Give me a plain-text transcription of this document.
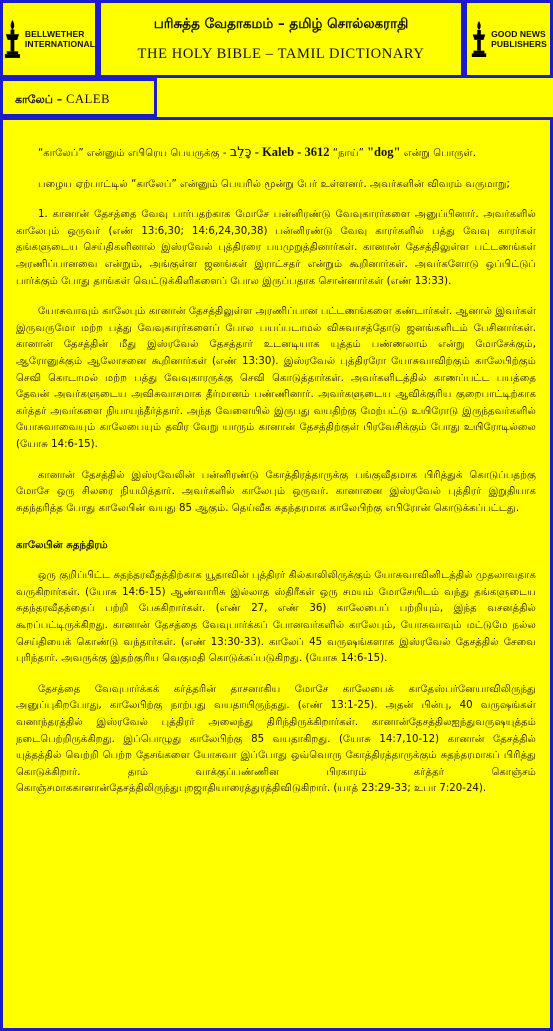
BELLWETHER
INTERNATIONAL
பரிசுத்த வேதாகமம் – தமிழ் சொல்லகராதி
THE HOLY BIBLE – TAMIL DICTIONARY
GOOD NEWS
PUBLISHERS
காலேப் – CALEB

“காலேப்” என்னும் எபிரெய பெயருக்கு - כָּלֵב - Kaleb - 3612 “நாய்” "dog" என்று பொருள்.

பழைய ஏற்பாட்டில் “காலேப்” என்னும் பெயரில் மூன்று பேர் உள்ளனர். அவர்களின் விவரம் வருமாறு;

1. கானான் தேசத்தை வேவு பார்பதற்காக மோசே பன்னிரண்டு வேவுகாரர்களை அனுப்பினார். அவர்களில் காலேபும் ஒருவர் (எண் 13:6,30; 14:6,24,30,38) பன்னிரண்டு வேவு காரர்களில் பத்து வேவு காரர்கள் தங்களுடைய செய்திகளினால் இஸ்ரவேல் புத்திரரை பயமுறுத்தினார்கள். கானான் தேசத்திலுள்ள பட்டணங்கள் அரணிப்பானவை என்றும், அங்குள்ள ஜனங்கள் இராட்சதர் என்றும் கூறினார்கள். அவர்களோடு ஒப்பிட்டுப் பார்க்கும் போது தாங்கள் வெட்டுக்கிளிகளைப் போல இருப்பதாக சொன்னார்கள் (எண் 13:33).

யோசுவாவும் காலேபும் கானான் தேசத்திலுள்ள அரணிப்பான பட்டணங்களை கண்டார்கள். ஆனால் இவர்கள் இருவருமோ மற்ற பத்து வேவுகாரர்களைப் போல பயப்படாமல் விசுவாசத்தோடு ஜனங்களிடம் பேசினார்கள். கானான் தேசத்தின் மீது இஸ்ரவேல் தேசத்தார் உடனடியாக யுத்தம் பண்ணலாம் என்று மோசேக்கும், ஆரோனுக்கும் ஆலோசனை கூறினார்கள் (எண் 13:30). இஸ்ரவேல் புத்திரரோ யோசுவாவிற்கும் காலேபிற்கும் செவி கொடாமல் மற்ற பத்து வேவுகாரருக்கு செவி கொடுத்தார்கள். அவர்களிடத்தில் காணப்பட்ட பயத்தை தேவன் அவர்களுடைய அவிசுவாசமாக தீர்மானம் பண்ணினார். அவர்களுடைய ஆவிக்குரிய குறைபாட்டிற்காக கர்த்தர் அவர்களை நியாயந்தீர்த்தார். அந்த வேளையில் இருபது வயதிற்கு மேற்பட்டு உயிரோடு இருந்தவர்களில் யோசுவாவையும் காலேபையும் தவிர வேறு யாரும் கானான் தேசத்திற்குள் பிரவேசிக்கும் போது உயிரோடில்லை (யோசு 14:6-15).

கானான் தேசத்தில் இஸ்ரவேலின் பன்னிரண்டு கோத்திரத்தாருக்கு பங்குவீதமாக பிரித்துக் கொடுப்பதற்கு மோசே ஒரு சிலரை நியமித்தார். அவர்களில் காலேபும் ஒருவர். கானானை இஸ்ரவேல் புத்திரர் இறுதியாக சுதந்தரித்த போது காலேபின் வயது 85 ஆகும். தெய்வீக சுதந்தரமாக காலேபிற்கு எபிரோன் கொடுக்கப்பட்டது.

காலேபின் சுதந்திரம்

ஒரு குறிப்பிட்ட சுதந்தரவீதத்திற்காக யூதாவின் புத்திரர் கில்காலிலிருக்கும் யோசுவாவினிடத்தில் முதலாவதாக வருகிறார்கள். (யோசு 14:6-15) ஆண்வாரிசு இல்லாத ஸ்திரீகள் ஒரு சமயம் மோசேயிடம் வந்து தங்களுடைய சுதந்தரவீதத்தைப் பற்றி பேசுகிறார்கள். (எண் 27, எண் 36) காலேபைப் பற்றியும், இந்த வசனத்தில் கூறப்பட்டிருக்கிறது. கானான் தேசத்தை வேவுபார்க்கப் போனவர்களில் காலேபும், யோசுவாவும் மட்டுமே நல்ல செய்தியைக் கொண்டு வந்தார்கள். (எண் 13:30-33). காலேப் 45 வருஷங்களாக இஸ்ரவேல் தேசத்தில் சேவை புரிந்தார். அவருக்கு இதற்குரிய வெகுமதி கொடுக்கப்படுகிறது. (யோசு 14:6-15).

தேசத்தை வேவுபார்க்கக் கர்த்தரின் தாசனாகிய மோசே காலேபைக் காதேஸ்பர்னேயாவிலிருந்து அனுப்புகிறபோது, காலேபிற்கு நாற்பது வயதாயிருந்தது. (எண் 13:1-25). அதன் பின்பு, 40 வருஷங்கள் வனாந்தரத்தில் இஸ்ரவேல் புத்திரர் அலைந்து திரிந்திருக்கிறார்கள். கானான்தேசத்திலஐந்துவருஷயுத்தம் நடைபெற்றிருக்கிறது. இப்பொழுது காலேபிற்கு 85 வயதாகிறது. (யோசு 14:7,10-12) கானான் தேசத்தில் யுத்தத்தில் வெற்றி பெற்ற தேசங்களை யோசுவா இப்போது ஒவ்வொரு கோத்திரத்தாருக்கும் சுதந்தரமாகப் பிரித்து கொடுக்கிறார். தாம் வாக்குப்பண்ணின பிரகாரம் கர்த்தர் கொஞ்சம் கொஞ்சமாககானான்தேசத்திலிருந்துபுறஜாதியாரைத்துரத்திவிடுகிறார். (யாத் 23:29-33; உபா 7:20-24).
